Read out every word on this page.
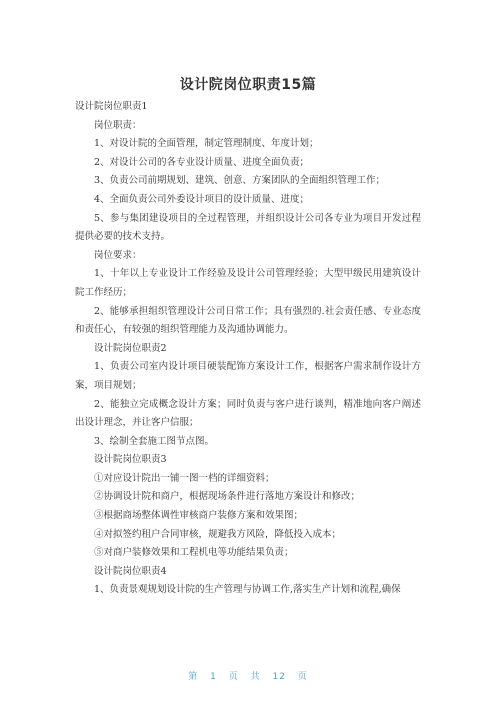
设计院岗位职责15篇

设计院岗位职责1

岗位职责：

1、对设计院的全面管理，制定管理制度、年度计划；

2、对设计公司的各专业设计质量、进度全面负责；

3、负责公司前期规划、建筑、创意、方案团队的全面组织管理工作；

4、全面负责公司外委设计项目的设计质量、进度；

5、参与集团建设项目的全过程管理，并组织设计公司各专业为项目开发过程提供必要的技术支持。

岗位要求：

1、十年以上专业设计工作经验及设计公司管理经验；大型甲级民用建筑设计院工作经历；

2、能够承担组织管理设计公司日常工作；具有强烈的.社会责任感、专业态度和责任心，有较强的组织管理能力及沟通协调能力。

设计院岗位职责2

1、负责公司室内设计项目硬装配饰方案设计工作，根据客户需求制作设计方案，项目规划；

2、能独立完成概念设计方案；同时负责与客户进行谈判，精准地向客户阐述出设计理念，并让客户信服；

3、绘制全套施工图节点图。

设计院岗位职责3

①对应设计院出一铺一图一档的详细资料；

②协调设计院和商户，根据现场条件进行落地方案设计和修改；

③根据商场整体调性审核商户装修方案和效果图；

④对拟签约租户合同审核，规避我方风险，降低投入成本；

⑤对商户装修效果和工程机电等功能结果负责；

设计院岗位职责4

1、负责景观规划设计院的生产管理与协调工作,落实生产计划和流程,确保

第 1 页 共 12 页
